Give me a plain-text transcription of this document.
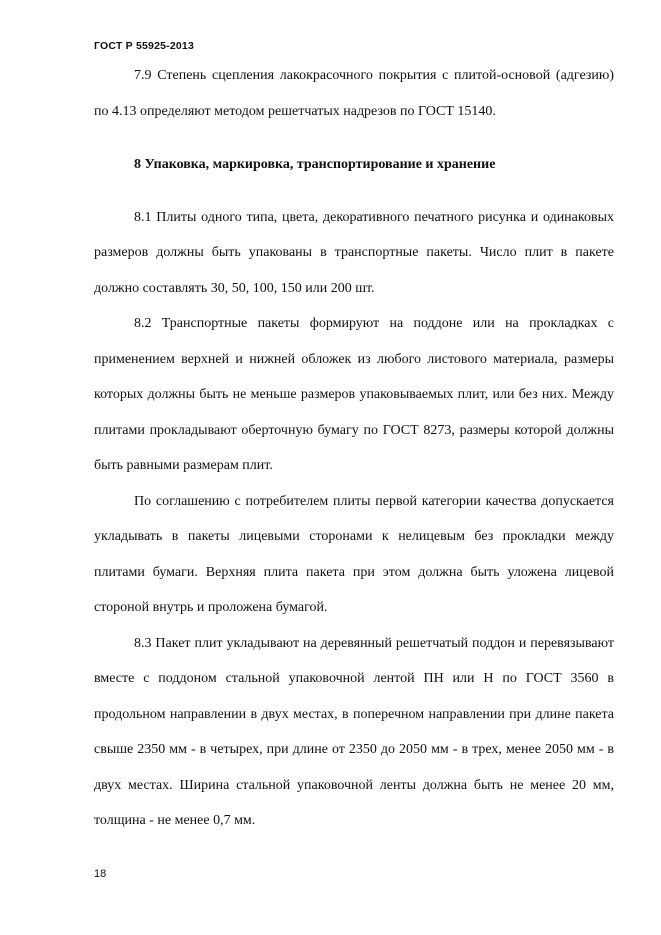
ГОСТ Р 55925-2013

7.9 Степень сцепления лакокрасочного покрытия с плитой-основой (адгезию) по 4.13 определяют методом решетчатых надрезов по ГОСТ 15140.

8 Упаковка, маркировка, транспортирование и хранение

8.1 Плиты одного типа, цвета, декоративного печатного рисунка и одинаковых размеров должны быть упакованы в транспортные пакеты. Число плит в пакете должно составлять 30, 50, 100, 150 или 200 шт.

8.2 Транспортные пакеты формируют на поддоне или на прокладках с применением верхней и нижней обложек из любого листового материала, размеры которых должны быть не меньше размеров упаковываемых плит, или без них. Между плитами прокладывают оберточную бумагу по ГОСТ 8273, размеры которой должны быть равными размерам плит.

По соглашению с потребителем плиты первой категории качества допускается укладывать в пакеты лицевыми сторонами к нелицевым без прокладки между плитами бумаги. Верхняя плита пакета при этом должна быть уложена лицевой стороной внутрь и проложена бумагой.

8.3 Пакет плит укладывают на деревянный решетчатый поддон и перевязывают вместе с поддоном стальной упаковочной лентой ПН или Н по ГОСТ 3560 в продольном направлении в двух местах, в поперечном направлении при длине пакета свыше 2350 мм - в четырех, при длине от 2350 до 2050 мм - в трех, менее 2050 мм - в двух местах. Ширина стальной упаковочной ленты должна быть не менее 20 мм, толщина - не менее 0,7 мм.

18
